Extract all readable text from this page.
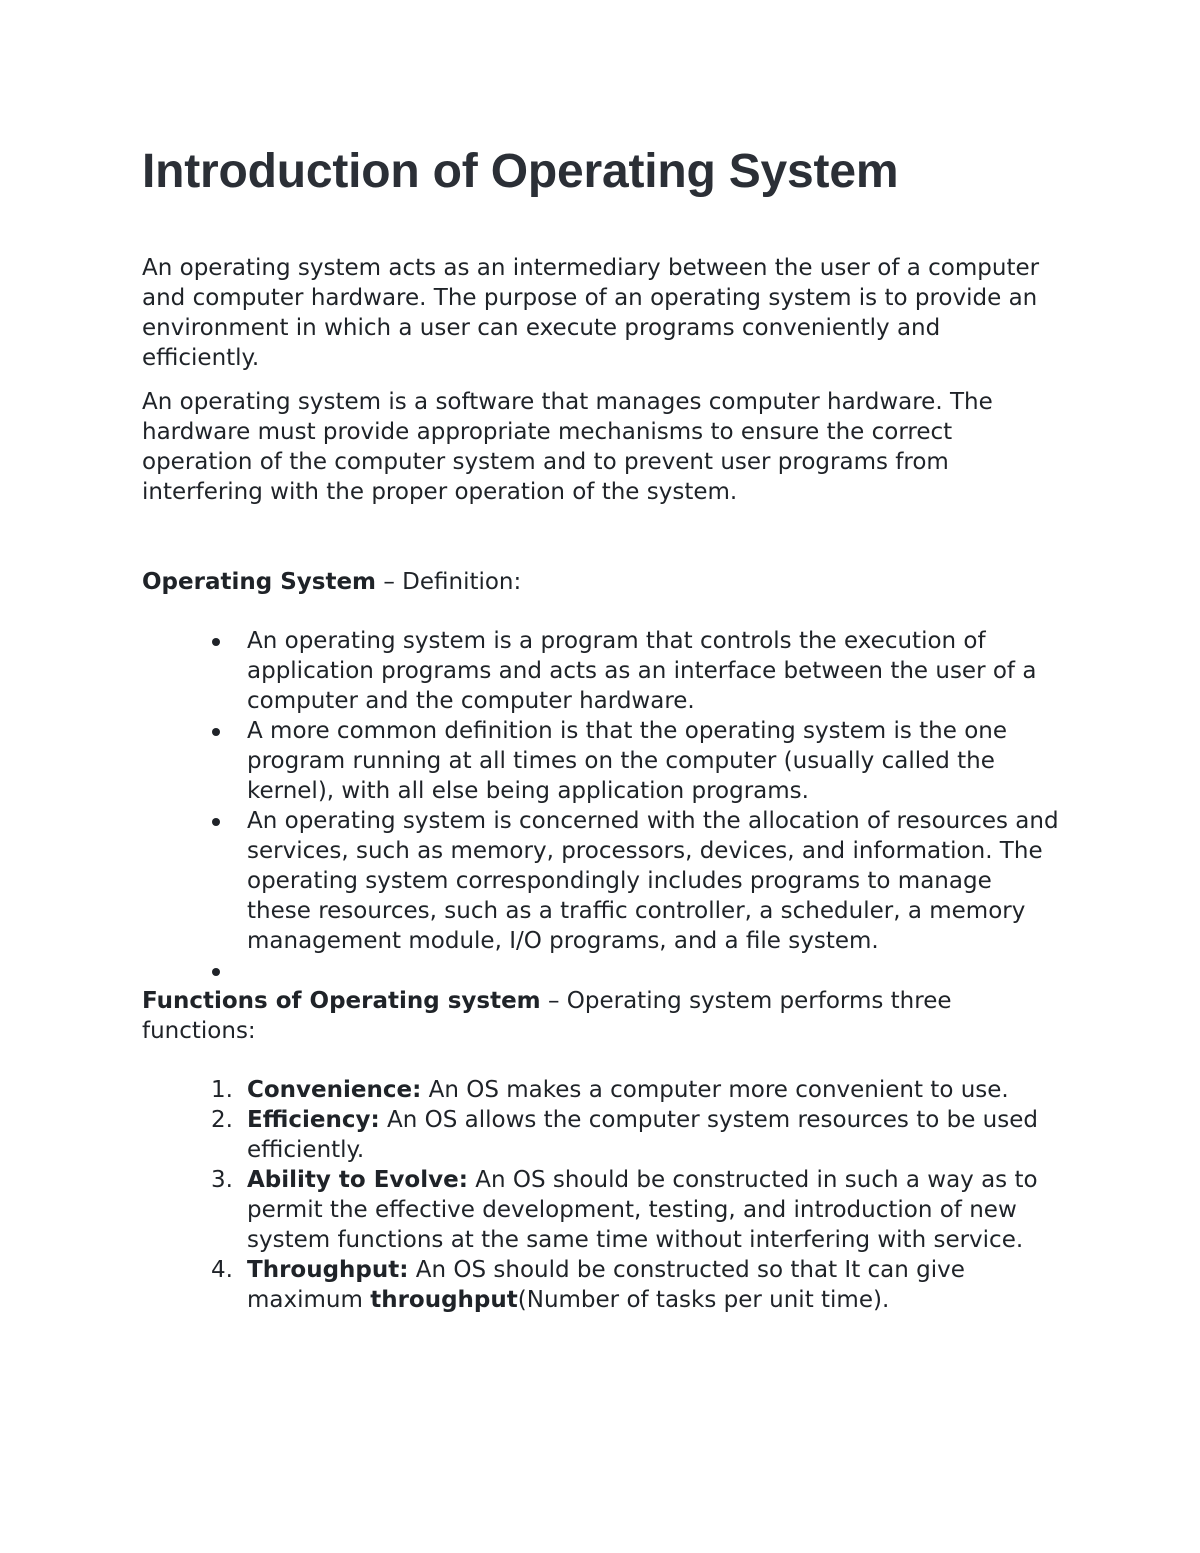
Introduction of Operating System

An operating system acts as an intermediary between the user of a computer and computer hardware. The purpose of an operating system is to provide an environment in which a user can execute programs conveniently and efficiently.

An operating system is a software that manages computer hardware. The hardware must provide appropriate mechanisms to ensure the correct operation of the computer system and to prevent user programs from interfering with the proper operation of the system.

Operating System – Definition:

An operating system is a program that controls the execution of application programs and acts as an interface between the user of a computer and the computer hardware.
A more common definition is that the operating system is the one program running at all times on the computer (usually called the kernel), with all else being application programs.
An operating system is concerned with the allocation of resources and services, such as memory, processors, devices, and information. The operating system correspondingly includes programs to manage these resources, such as a traffic controller, a scheduler, a memory management module, I/O programs, and a file system.

Functions of Operating system – Operating system performs three functions:

1. Convenience: An OS makes a computer more convenient to use.
2. Efficiency: An OS allows the computer system resources to be used efficiently.
3. Ability to Evolve: An OS should be constructed in such a way as to permit the effective development, testing, and introduction of new system functions at the same time without interfering with service.
4. Throughput: An OS should be constructed so that It can give maximum throughput(Number of tasks per unit time).
